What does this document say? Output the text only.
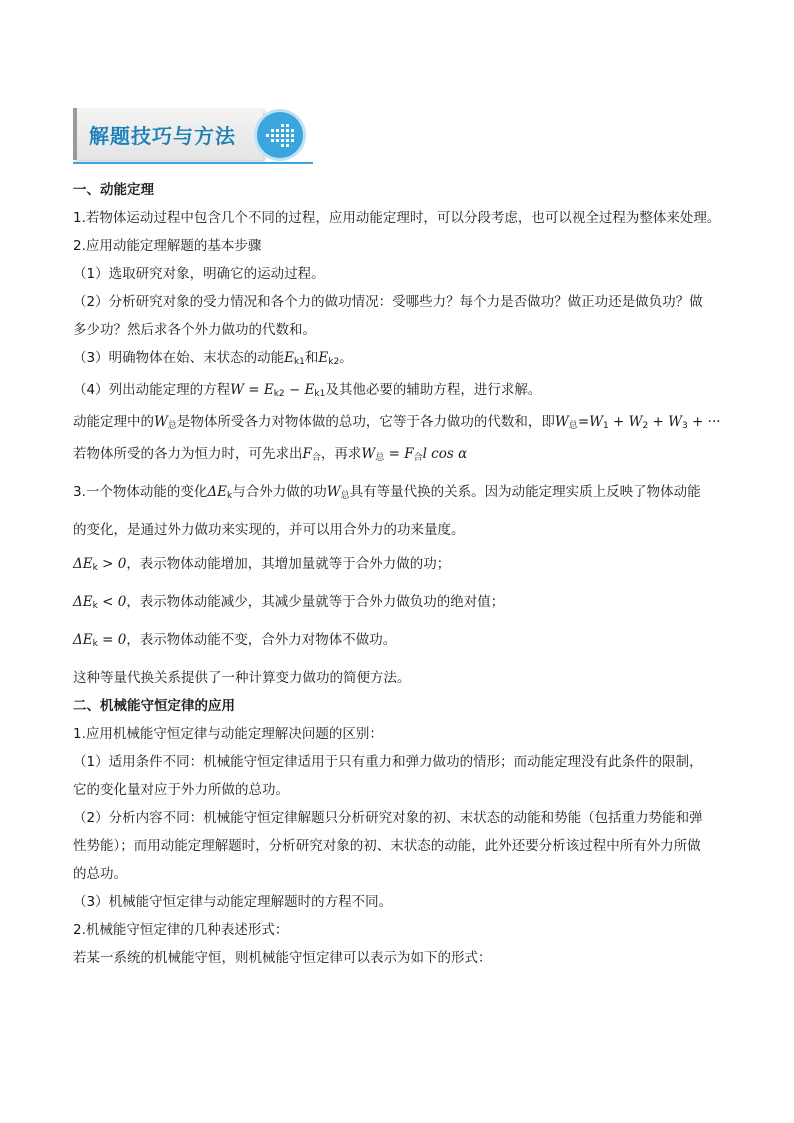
解题技巧与方法
一、动能定理
1.若物体运动过程中包含几个不同的过程，应用动能定理时，可以分段考虑，也可以视全过程为整体来处理。
2.应用动能定理解题的基本步骤
（1）选取研究对象，明确它的运动过程。
（2）分析研究对象的受力情况和各个力的做功情况：受哪些力？每个力是否做功？做正功还是做负功？做
多少功？然后求各个外力做功的代数和。
（3）明确物体在始、末状态的动能$E_{k1}$和$E_{k2}$。
（4）列出动能定理的方程$W = E_{k2} - E_{k1}$及其他必要的辅助方程，进行求解。
动能定理中的$W_总$是物体所受各力对物体做的总功，它等于各力做功的代数和，即$W_总=W_1 + W_2 + W_3$ + ···
若物体所受的各力为恒力时，可先求出$F_合$，再求$W_总 = F_合l$ cos α
3.一个物体动能的变化$\Delta E_k$与合外力做的功$W_总$具有等量代换的关系。因为动能定理实质上反映了物体动能
的变化，是通过外力做功来实现的，并可以用合外力的功来量度。
$\Delta E_k > 0$，表示物体动能增加，其增加量就等于合外力做的功；
$\Delta E_k < 0$，表示物体动能减少，其减少量就等于合外力做负功的绝对值；
$\Delta E_k = 0$，表示物体动能不变，合外力对物体不做功。
这种等量代换关系提供了一种计算变力做功的简便方法。
二、机械能守恒定律的应用
1.应用机械能守恒定律与动能定理解决问题的区别：
（1）适用条件不同：机械能守恒定律适用于只有重力和弹力做功的情形；而动能定理没有此条件的限制，
它的变化量对应于外力所做的总功。
（2）分析内容不同：机械能守恒定律解题只分析研究对象的初、末状态的动能和势能（包括重力势能和弹
性势能）；而用动能定理解题时，分析研究对象的初、末状态的动能，此外还要分析该过程中所有外力所做
的总功。
（3）机械能守恒定律与动能定理解题时的方程不同。
2.机械能守恒定律的几种表述形式：
若某一系统的机械能守恒，则机械能守恒定律可以表示为如下的形式：
